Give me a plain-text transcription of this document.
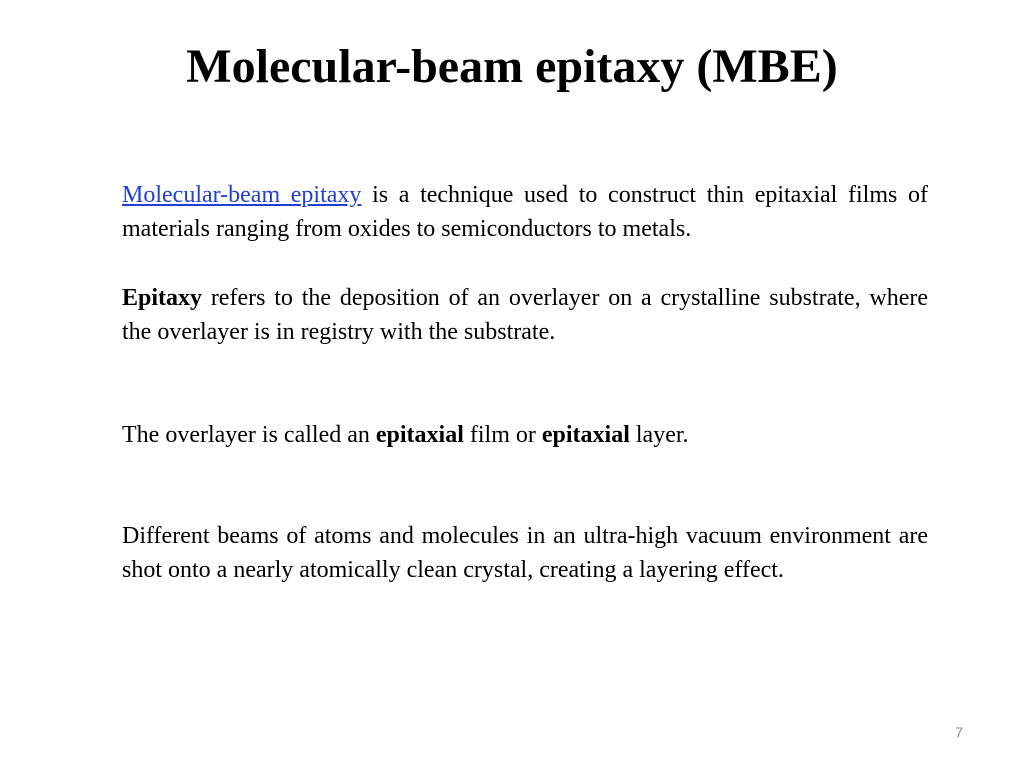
Molecular-beam epitaxy (MBE)

Molecular-beam epitaxy is a technique used to construct thin epitaxial films of materials ranging from oxides to semiconductors to metals.

Epitaxy refers to the deposition of an overlayer on a crystalline substrate, where the overlayer is in registry with the substrate.

The overlayer is called an epitaxial film or epitaxial layer.

Different beams of atoms and molecules in an ultra-high vacuum environment are shot onto a nearly atomically clean crystal, creating a layering effect.

7
